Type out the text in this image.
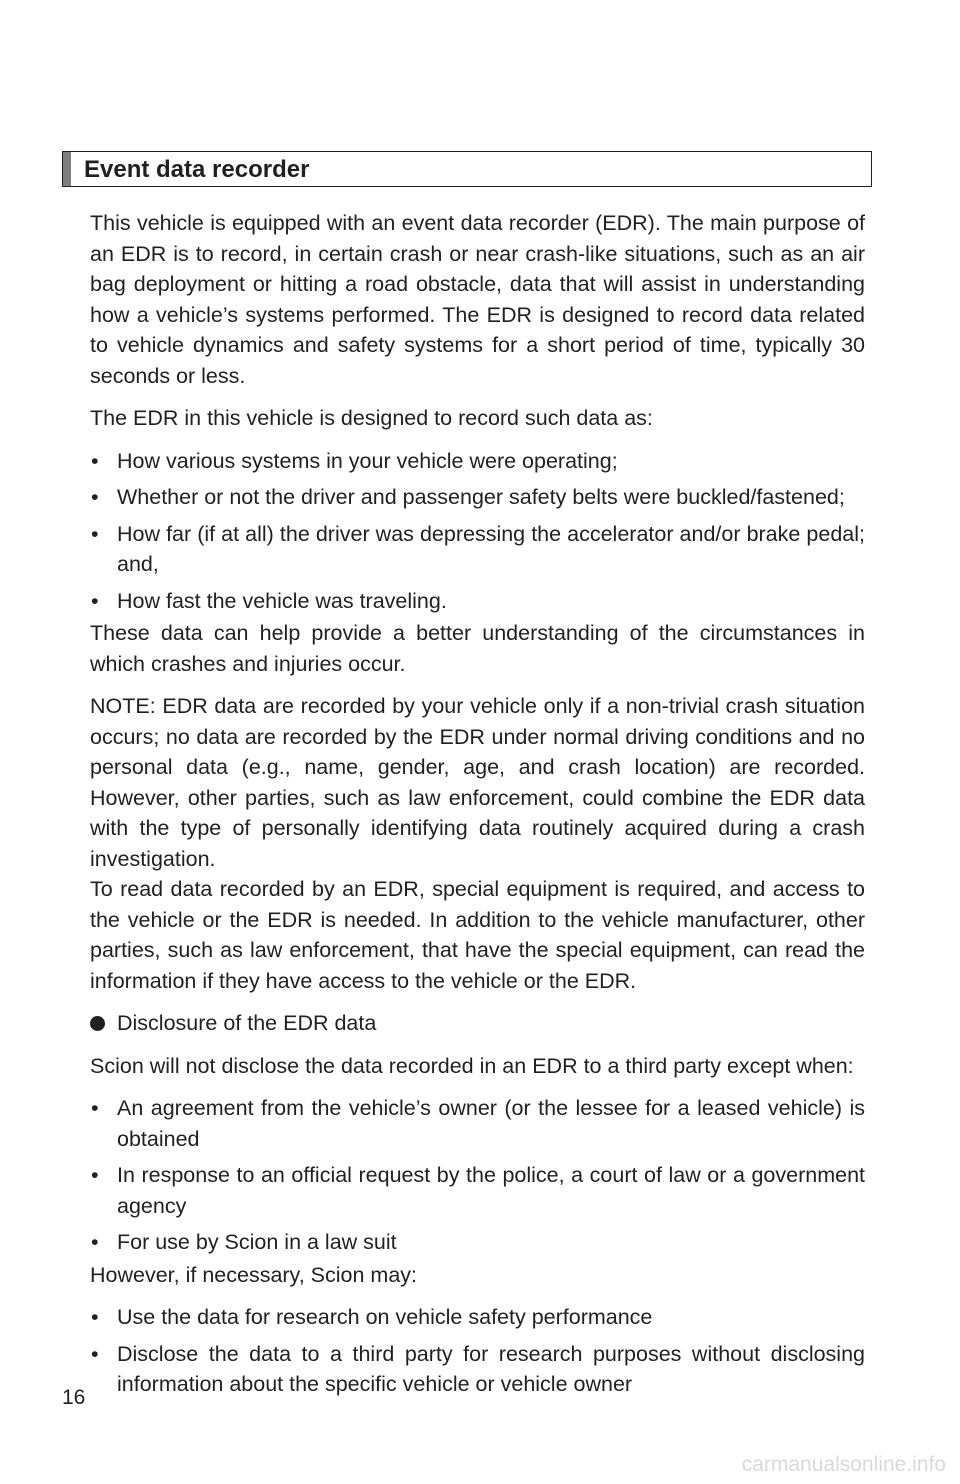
Event data recorder

This vehicle is equipped with an event data recorder (EDR). The main purpose of an EDR is to record, in certain crash or near crash-like situations, such as an air bag deployment or hitting a road obstacle, data that will assist in understanding how a vehicle’s systems performed. The EDR is designed to record data related to vehicle dynamics and safety systems for a short period of time, typically 30 seconds or less.

The EDR in this vehicle is designed to record such data as:

• How various systems in your vehicle were operating;
• Whether or not the driver and passenger safety belts were buckled/fastened;
• How far (if at all) the driver was depressing the accelerator and/or brake pedal; and,
• How fast the vehicle was traveling.

These data can help provide a better understanding of the circumstances in which crashes and injuries occur.

NOTE: EDR data are recorded by your vehicle only if a non-trivial crash situation occurs; no data are recorded by the EDR under normal driving conditions and no personal data (e.g., name, gender, age, and crash location) are recorded. However, other parties, such as law enforcement, could combine the EDR data with the type of personally identifying data routinely acquired during a crash investigation.

To read data recorded by an EDR, special equipment is required, and access to the vehicle or the EDR is needed. In addition to the vehicle manufacturer, other parties, such as law enforcement, that have the special equipment, can read the information if they have access to the vehicle or the EDR.

Disclosure of the EDR data

Scion will not disclose the data recorded in an EDR to a third party except when:

• An agreement from the vehicle’s owner (or the lessee for a leased vehicle) is obtained
• In response to an official request by the police, a court of law or a government agency
• For use by Scion in a law suit

However, if necessary, Scion may:

• Use the data for research on vehicle safety performance
• Disclose the data to a third party for research purposes without disclosing information about the specific vehicle or vehicle owner
16
carmanualsonline.info
